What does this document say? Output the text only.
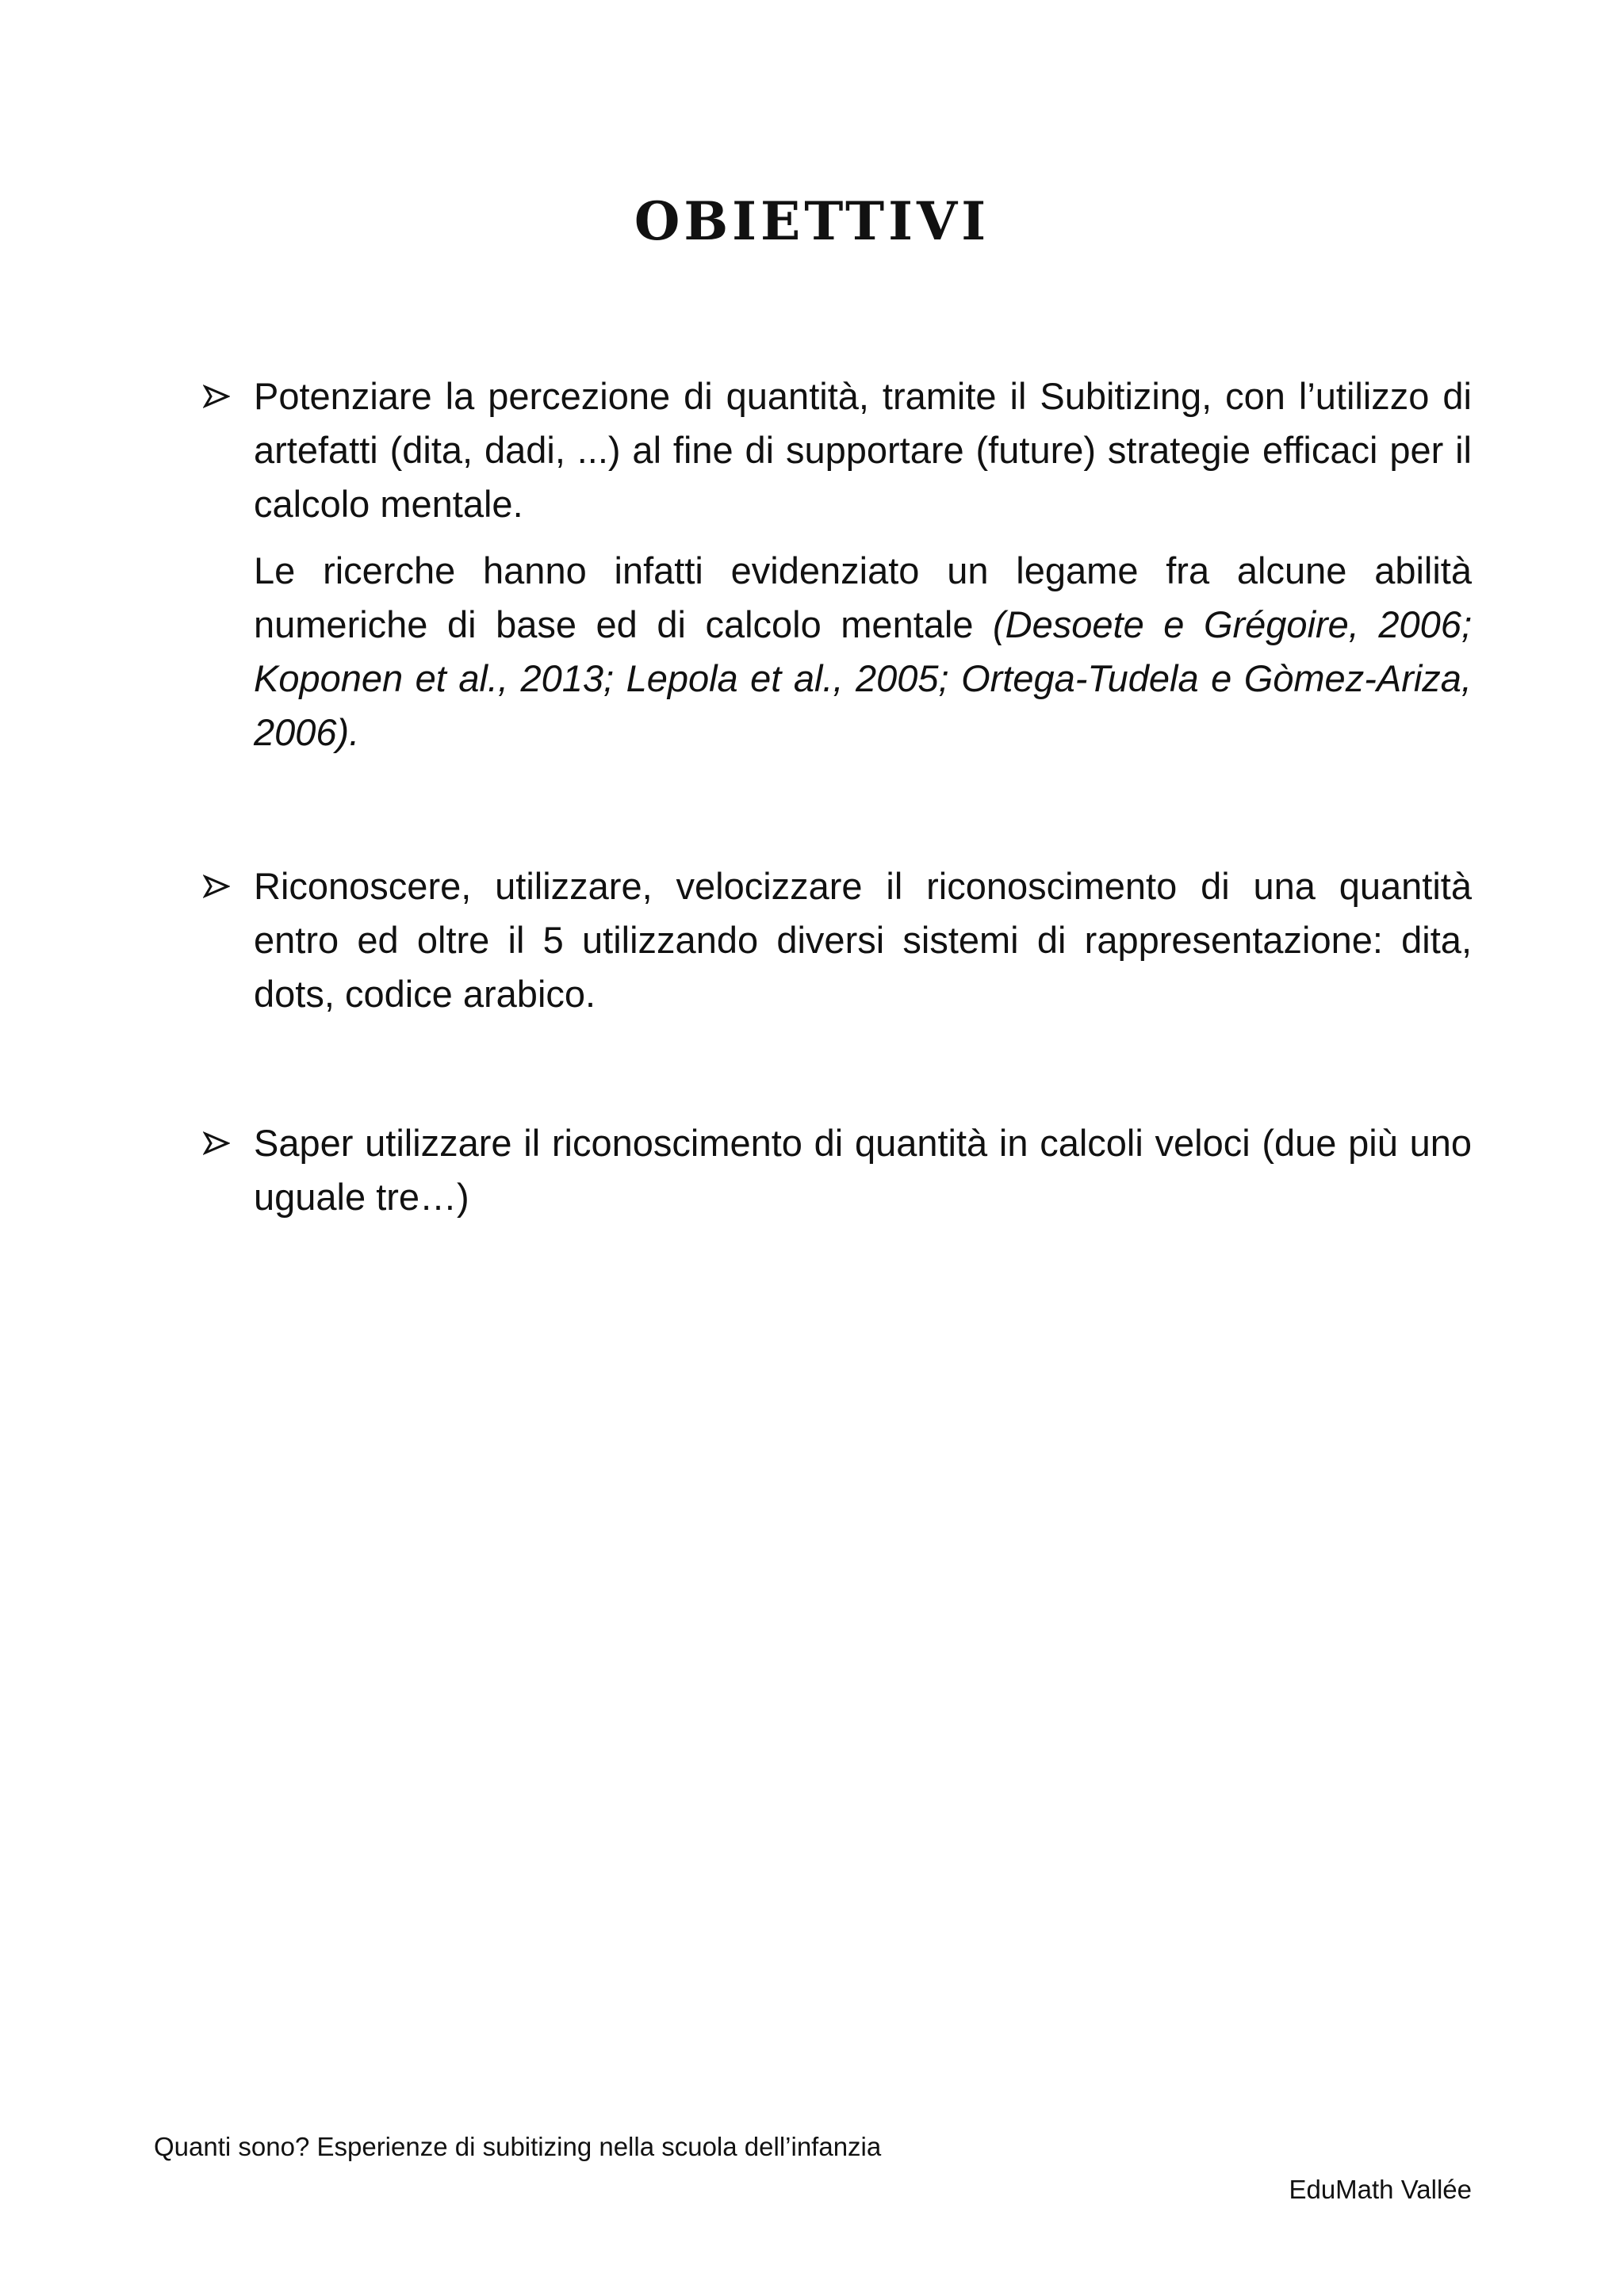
OBIETTIVI

Potenziare la percezione di quantità, tramite il Subitizing, con l’utilizzo di artefatti (dita, dadi, ...) al fine di supportare (future) strategie efficaci per il calcolo mentale.

Le ricerche hanno infatti evidenziato un legame fra alcune abilità numeriche di base ed di calcolo mentale (Desoete e Grégoire, 2006; Koponen et al., 2013; Lepola et al., 2005; Ortega-Tudela e Gòmez-Ariza, 2006).

Riconoscere, utilizzare, velocizzare il riconoscimento di una quantità entro ed oltre il 5 utilizzando diversi sistemi di rappresentazione: dita, dots, codice arabico.

Saper utilizzare il riconoscimento di quantità in calcoli veloci (due più uno uguale tre…)

Quanti sono? Esperienze di subitizing nella scuola dell’infanzia
EduMath Vallée
